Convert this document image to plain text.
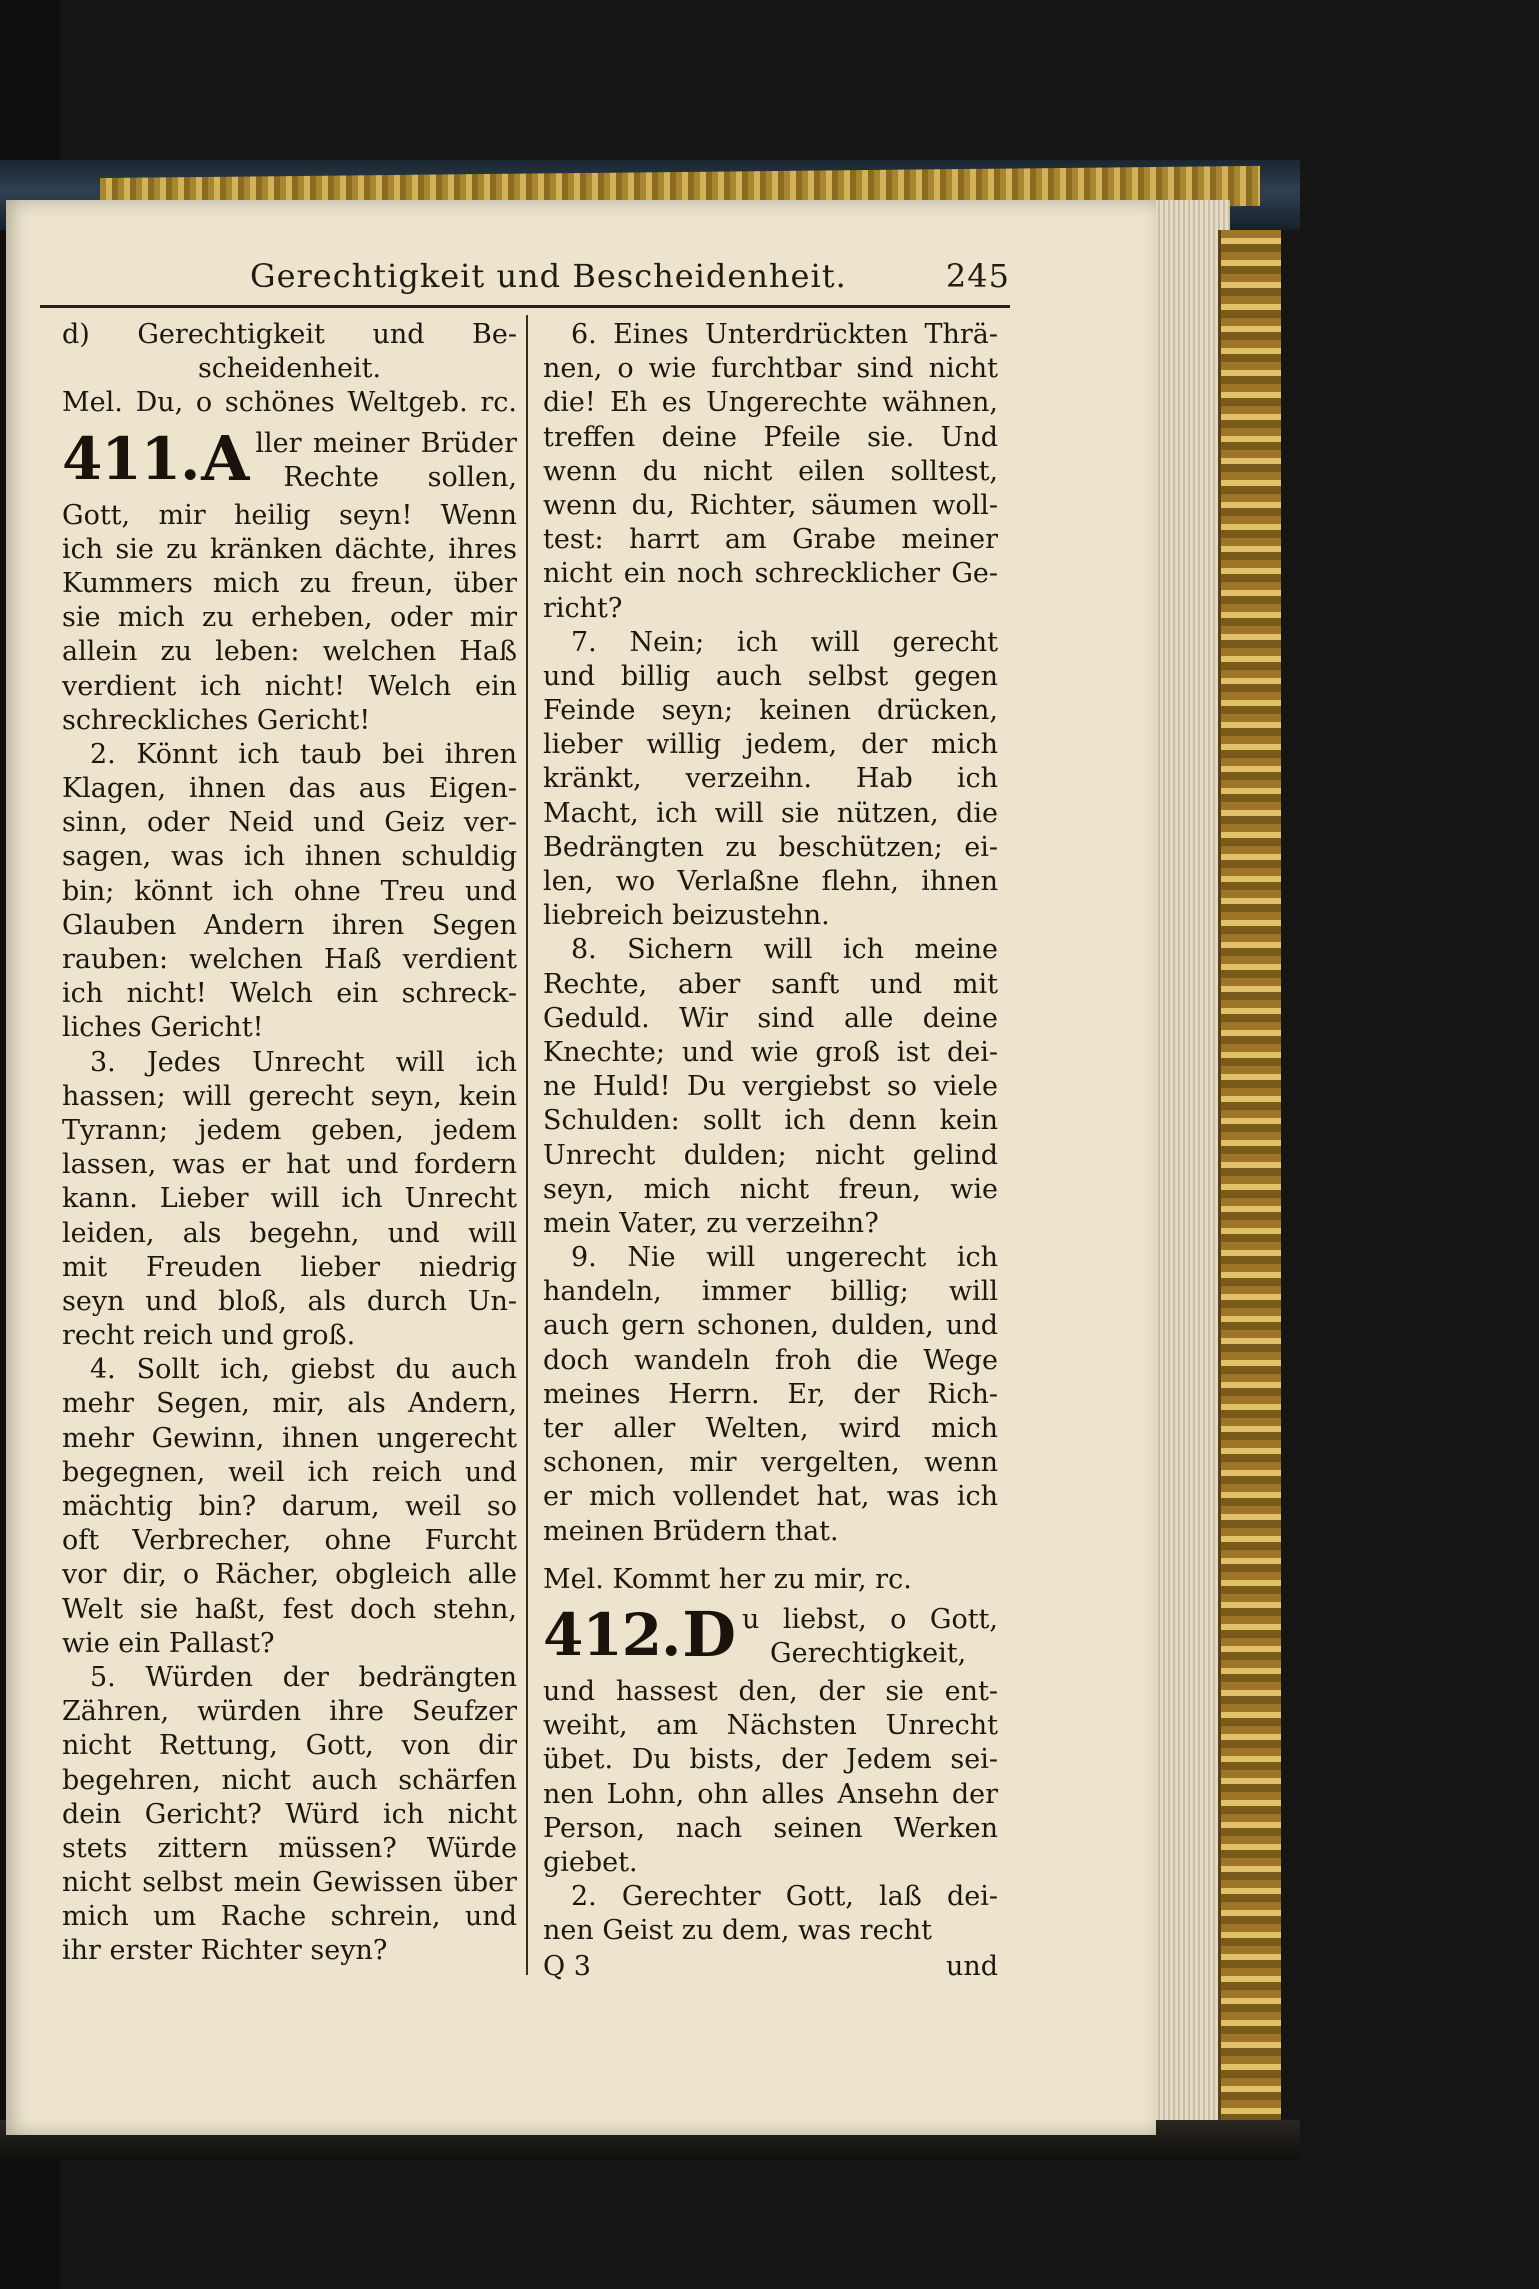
Gerechtigkeit und Bescheidenheit.	245
d) Gerechtigkeit und Be-
scheidenheit.
Mel. Du, o schönes Weltgeb. rc.
411. A ller meiner Brüder
Rechte sollen,
Gott, mir heilig seyn! Wenn
ich sie zu kränken dächte, ihres
Kummers mich zu freun, über
sie mich zu erheben, oder mir
allein zu leben: welchen Haß
verdient ich nicht! Welch ein
schreckliches Gericht!
2. Könnt ich taub bei ihren
Klagen, ihnen das aus Eigen-
sinn, oder Neid und Geiz ver-
sagen, was ich ihnen schuldig
bin; könnt ich ohne Treu und
Glauben Andern ihren Segen
rauben: welchen Haß verdient
ich nicht! Welch ein schreck-
liches Gericht!
3. Jedes Unrecht will ich
hassen; will gerecht seyn, kein
Tyrann; jedem geben, jedem
lassen, was er hat und fordern
kann. Lieber will ich Unrecht
leiden, als begehn, und will
mit Freuden lieber niedrig
seyn und bloß, als durch Un-
recht reich und groß.
4. Sollt ich, giebst du auch
mehr Segen, mir, als Andern,
mehr Gewinn, ihnen ungerecht
begegnen, weil ich reich und
mächtig bin? darum, weil so
oft Verbrecher, ohne Furcht
vor dir, o Rächer, obgleich alle
Welt sie haßt, fest doch stehn,
wie ein Pallast?
5. Würden der bedrängten
Zähren, würden ihre Seufzer
nicht Rettung, Gott, von dir
begehren, nicht auch schärfen
dein Gericht? Würd ich nicht
stets zittern müssen? Würde
nicht selbst mein Gewissen über
mich um Rache schrein, und
ihr erster Richter seyn?
6. Eines Unterdrückten Thrä-
nen, o wie furchtbar sind nicht
die! Eh es Ungerechte wähnen,
treffen deine Pfeile sie. Und
wenn du nicht eilen solltest,
wenn du, Richter, säumen woll-
test: harrt am Grabe meiner
nicht ein noch schrecklicher Ge-
richt?
7. Nein; ich will gerecht
und billig auch selbst gegen
Feinde seyn; keinen drücken,
lieber willig jedem, der mich
kränkt, verzeihn. Hab ich
Macht, ich will sie nützen, die
Bedrängten zu beschützen; ei-
len, wo Verlaßne flehn, ihnen
liebreich beizustehn.
8. Sichern will ich meine
Rechte, aber sanft und mit
Geduld. Wir sind alle deine
Knechte; und wie groß ist dei-
ne Huld! Du vergiebst so viele
Schulden: sollt ich denn kein
Unrecht dulden; nicht gelind
seyn, mich nicht freun, wie
mein Vater, zu verzeihn?
9. Nie will ungerecht ich
handeln, immer billig; will
auch gern schonen, dulden, und
doch wandeln froh die Wege
meines Herrn. Er, der Rich-
ter aller Welten, wird mich
schonen, mir vergelten, wenn
er mich vollendet hat, was ich
meinen Brüdern that.
Mel. Kommt her zu mir, rc.
412. D u liebst, o Gott,
Gerechtigkeit,
und hassest den, der sie ent-
weiht, am Nächsten Unrecht
übet. Du bists, der Jedem sei-
nen Lohn, ohn alles Ansehn der
Person, nach seinen Werken
giebet.
2. Gerechter Gott, laß dei-
nen Geist zu dem, was recht
Q 3	und
